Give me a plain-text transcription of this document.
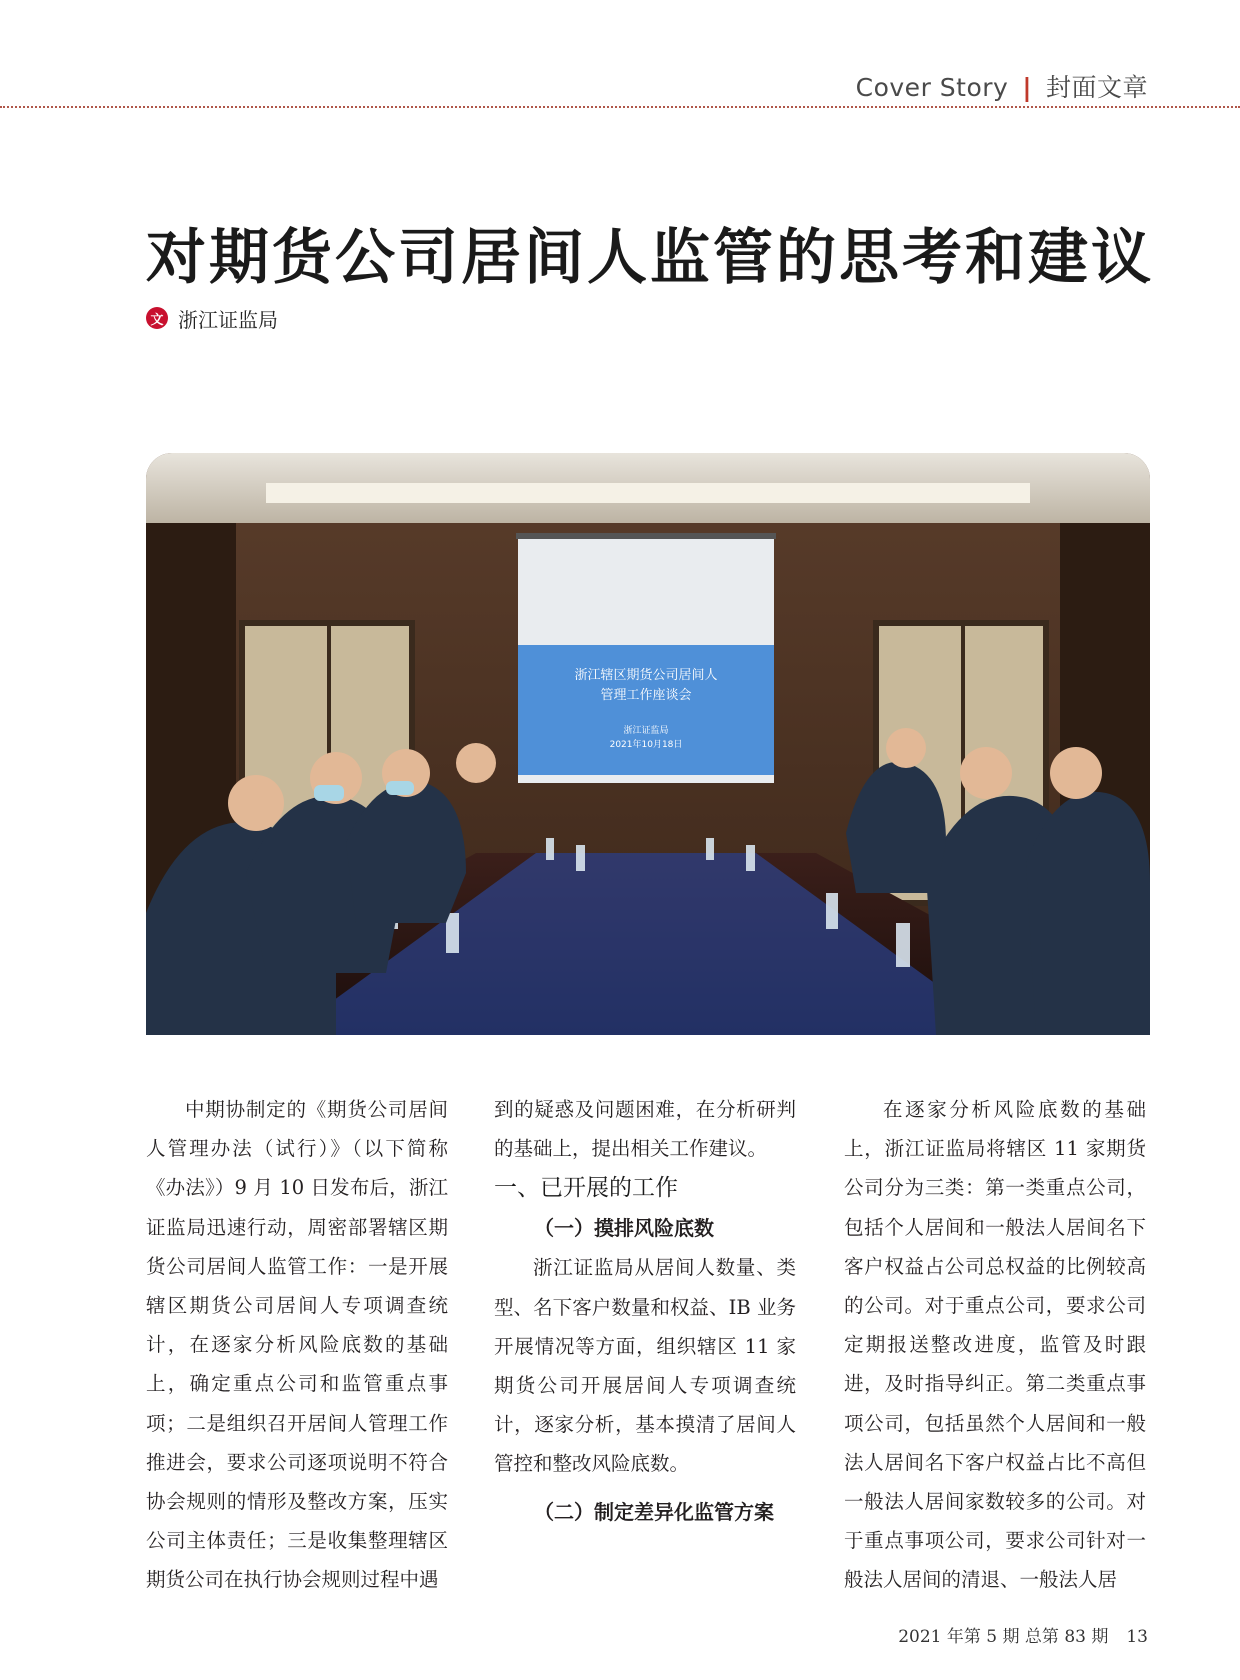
Cover Story | 封面文章
对期货公司居间人监管的思考和建议
文 浙江证监局
浙江辖区期货公司居间人
管理工作座谈会
浙江证监局
2021年10月18日

中期协制定的《期货公司居间人管理办法（试行）》（以下简称《办法》）9 月 10 日发布后，浙江证监局迅速行动，周密部署辖区期货公司居间人监管工作：一是开展辖区期货公司居间人专项调查统计，在逐家分析风险底数的基础上，确定重点公司和监管重点事项；二是组织召开居间人管理工作推进会，要求公司逐项说明不符合协会规则的情形及整改方案，压实公司主体责任；三是收集整理辖区期货公司在执行协会规则过程中遇

到的疑惑及问题困难，在分析研判的基础上，提出相关工作建议。

一、已开展的工作

（一）摸排风险底数

浙江证监局从居间人数量、类型、名下客户数量和权益、IB 业务开展情况等方面，组织辖区 11 家期货公司开展居间人专项调查统计，逐家分析，基本摸清了居间人管控和整改风险底数。

（二）制定差异化监管方案

在逐家分析风险底数的基础上，浙江证监局将辖区 11 家期货公司分为三类：第一类重点公司，包括个人居间和一般法人居间名下客户权益占公司总权益的比例较高的公司。对于重点公司，要求公司定期报送整改进度，监管及时跟进，及时指导纠正。第二类重点事项公司，包括虽然个人居间和一般法人居间名下客户权益占比不高但一般法人居间家数较多的公司。对于重点事项公司，要求公司针对一般法人居间的清退、一般法人居

2021 年第 5 期 总第 83 期 13
